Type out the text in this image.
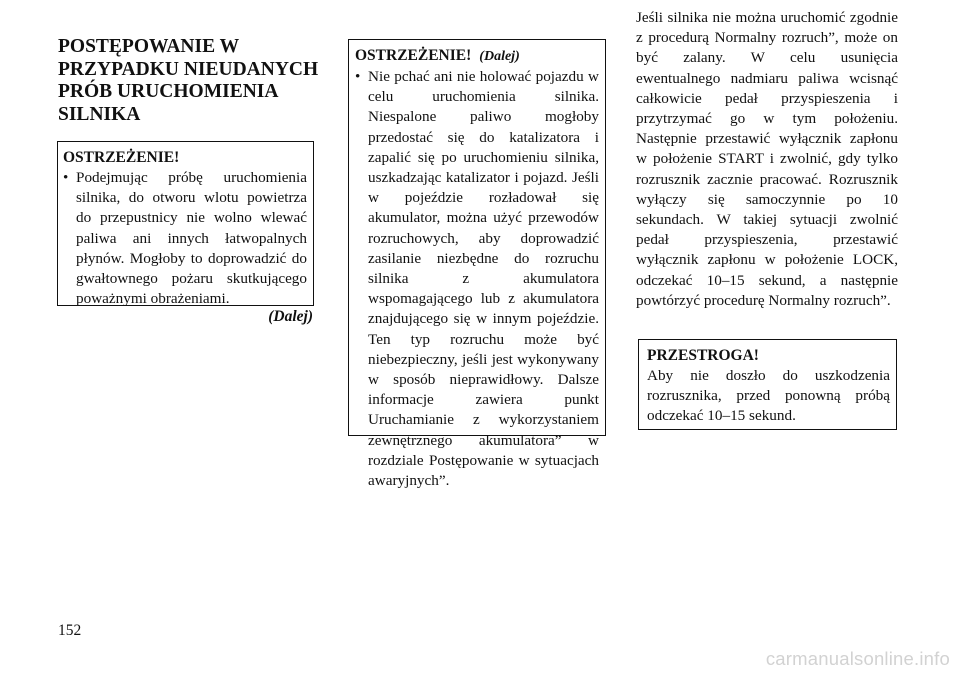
POSTĘPOWANIE W PRZYPADKU NIEUDANYCH PRÓB URUCHOMIENIA SILNIKA
OSTRZEŻENIE!
• Podejmując próbę uruchomienia silnika, do otworu wlotu powietrza do przepustnicy nie wolno wlewać paliwa ani innych łatwopalnych płynów. Mogłoby to doprowadzić do gwałtownego pożaru skutkującego poważnymi obrażeniami.
(Dalej)
OSTRZEŻENIE! (Dalej)
• Nie pchać ani nie holować pojazdu w celu uruchomienia silnika. Niespalone paliwo mogłoby przedostać się do katalizatora i zapalić się po uruchomieniu silnika, uszkadzając katalizator i pojazd. Jeśli w pojeździe rozładował się akumulator, można użyć przewodów rozruchowych, aby doprowadzić zasilanie niezbędne do rozruchu silnika z akumulatora wspomagającego lub z akumulatora znajdującego się w innym pojeździe. Ten typ rozruchu może być niebezpieczny, jeśli jest wykonywany w sposób nieprawidłowy. Dalsze informacje zawiera punkt Uruchamianie z wykorzystaniem zewnętrznego akumulatora” w rozdziale Postępowanie w sytuacjach awaryjnych”.

Jeśli silnika nie można uruchomić zgodnie z procedurą Normalny rozruch”, może on być zalany. W celu usunięcia ewentualnego nadmiaru paliwa wcisnąć całkowicie pedał przyspieszenia i przytrzymać go w tym położeniu. Następnie przestawić wyłącznik zapłonu w położenie START i zwolnić, gdy tylko rozrusznik zacznie pracować. Rozrusznik wyłączy się samoczynnie po 10 sekundach. W takiej sytuacji zwolnić pedał przyspieszenia, przestawić wyłącznik zapłonu w położenie LOCK, odczekać 10–15 sekund, a następnie powtórzyć procedurę Normalny rozruch”.

PRZESTROGA!
Aby nie doszło do uszkodzenia rozrusznika, przed ponowną próbą odczekać 10–15 sekund.
152
carmanualsonline.info
